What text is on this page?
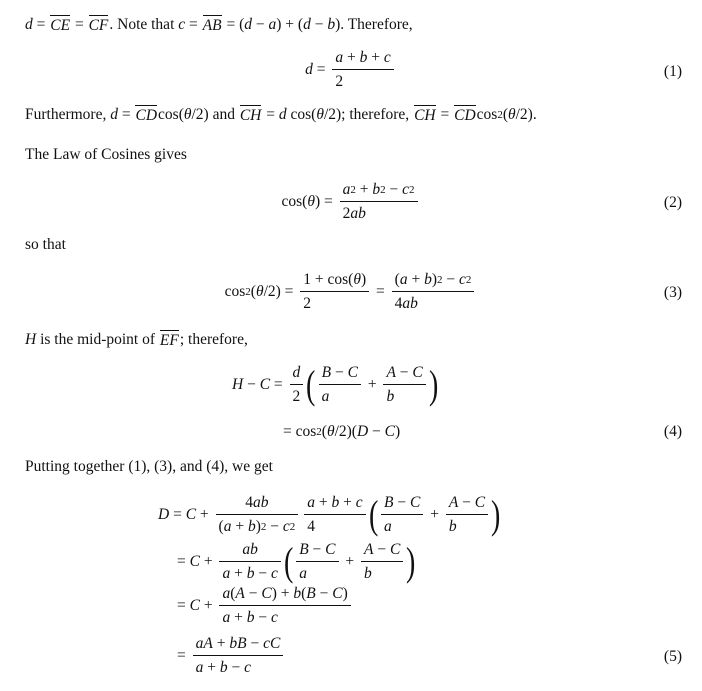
d = CE = CF . Note that c = AB = ( d − a ) + ( d − b ). Therefore,
$d = \frac{a + b + c}{2}$	(1)
Furthermore, d = CD cos( θ /2) and CH = d cos( θ /2); therefore, CH = CD cos 2 ( θ /2).
The Law of Cosines gives
cos( θ ) = $\frac{a 2 + b 2 - c 2}{2 ab}$	(2)
so that
cos 2 ( θ $/2) = \frac{1 + \cos( \theta )}{2} = \frac{( a + b ) 2 - c 2}{4 ab}$	(3)
H is the mid-point of EF ; therefore,
$H - C = \frac{d}{2}$ ( $\frac{B - C}{a} + \frac{A - C}{b}$ )
= cos 2 ( θ /2)( D − C )	(4)
Putting together (1), (3), and (4), we get
$D = C + \frac{4 ab}{( a + b ) 2 - c 2} \frac{a + b + c}{4}$ ( $\frac{B - C}{a} + \frac{A - C}{b}$ )
= $C + \frac{ab}{a + b - c}$ ( $\frac{B - C}{a} + \frac{A - C}{b}$ )
= $C + \frac{a ( A - C ) + b ( B - C )}{a + b - c}$
= $\frac{aA + bB - cC}{a + b - c}$	(5)
